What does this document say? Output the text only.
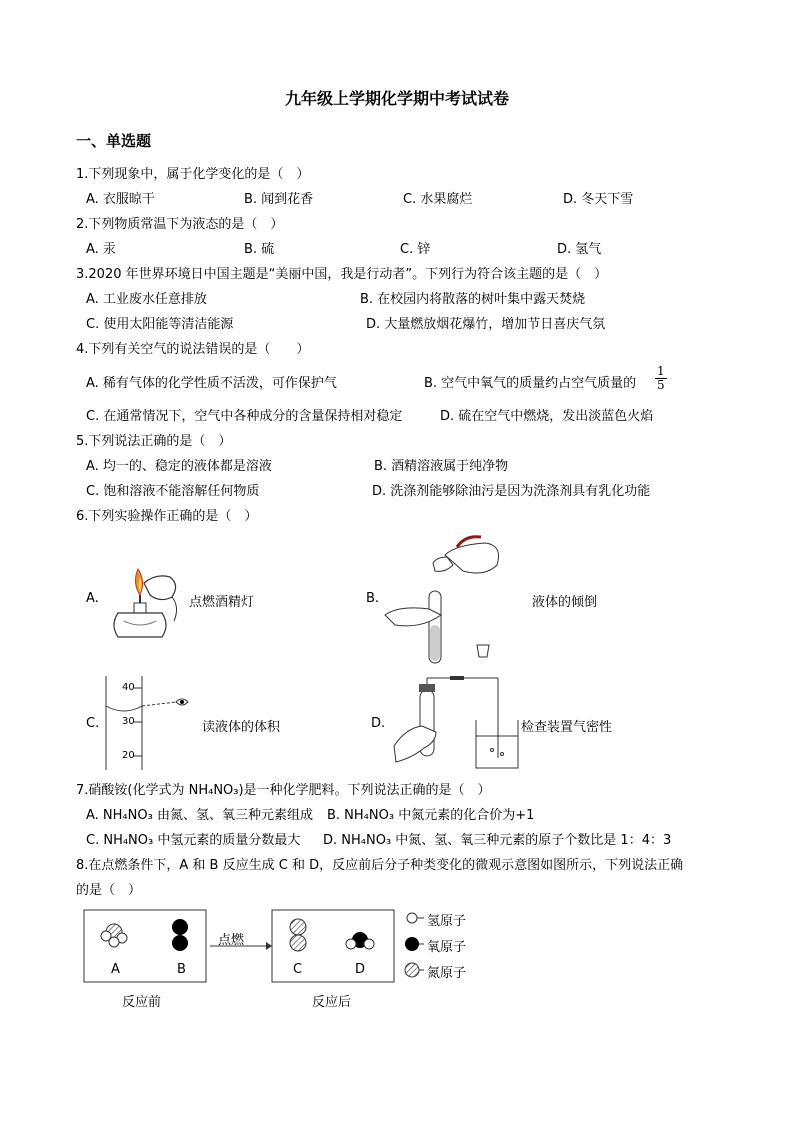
九年级上学期化学期中考试试卷
一、单选题
1.下列现象中，属于化学变化的是（　）
A. 衣服晾干	B. 闻到花香	C. 水果腐烂	D. 冬天下雪
2.下列物质常温下为液态的是（　）
A. 汞	B. 硫	C. 锌	D. 氢气
3.2020 年世界环境日中国主题是“美丽中国，我是行动者”。下列行为符合该主题的是（　）
A. 工业废水任意排放	B. 在校园内将散落的树叶集中露天焚烧
C. 使用太阳能等清洁能源	D. 大量燃放烟花爆竹，增加节日喜庆气氛
4.下列有关空气的说法错误的是（　　）
A. 稀有气体的化学性质不活泼，可作保护气	B. 空气中氧气的质量约占空气质量的 $\frac{1}{5}$
C. 在通常情况下，空气中各种成分的含量保持相对稳定	D. 硫在空气中燃烧，发出淡蓝色火焰
5.下列说法正确的是（　）
A. 均一的、稳定的液体都是溶液	B. 酒精溶液属于纯净物
C. 饱和溶液不能溶解任何物质	D. 洗涤剂能够除油污是因为洗涤剂具有乳化功能
6.下列实验操作正确的是（　）
A.	点燃酒精灯	B.	液体的倾倒
C.
40
30
20
读液体的体积	D.	检查装置气密性
7.硝酸铵(化学式为 NH₄NO₃)是一种化学肥料。下列说法正确的是（　）
A. NH₄NO₃ 由氮、氢、氧三种元素组成 B. NH₄NO₃ 中氮元素的化合价为+1
C. NH₄NO₃ 中氢元素的质量分数最大 D. NH₄NO₃ 中氮、氢、氧三种元素的原子个数比是 1：4：3
8.在点燃条件下，A 和 B 反应生成 C 和 D，反应前后分子种类变化的微观示意图如图所示，下列说法正确
的是（　）
A	B	C	D
点燃
反应前	反应后
氢原子
氧原子
氮原子
